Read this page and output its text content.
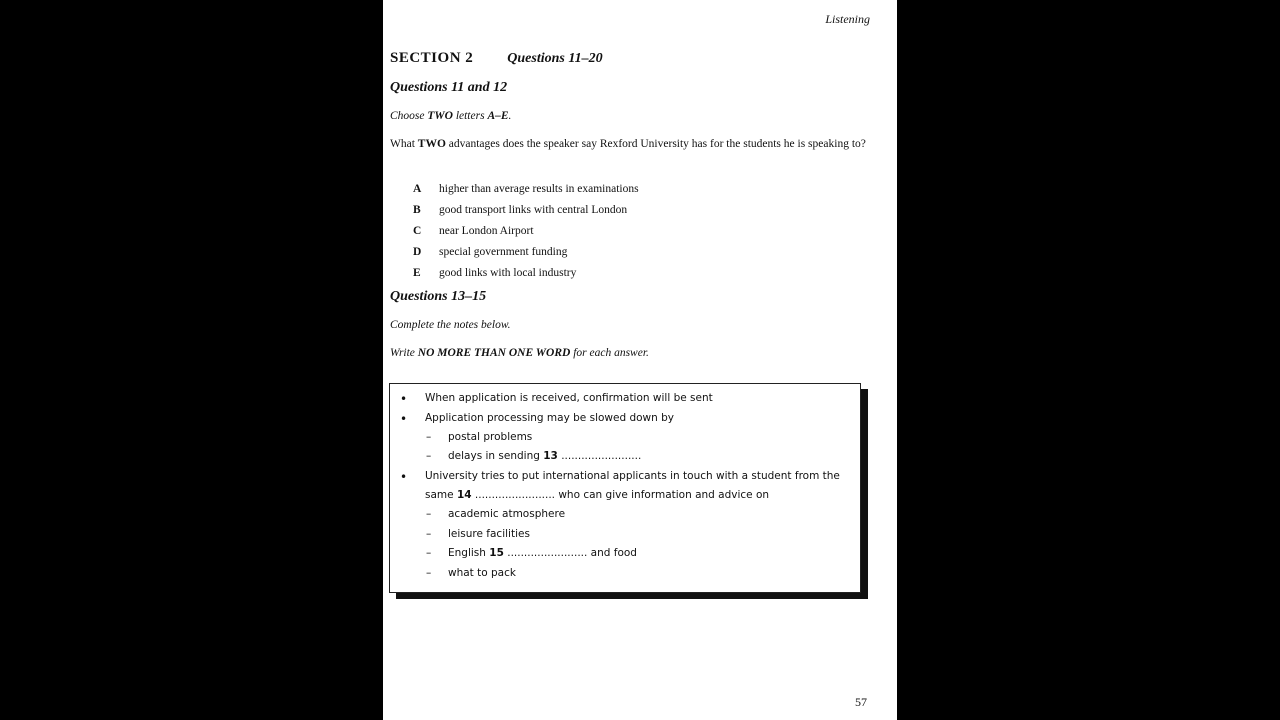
Listening
SECTION 2 Questions 11–20
Questions 11 and 12
Choose TWO letters A–E.
What TWO advantages does the speaker say Rexford University has for the students he is speaking to?
A	higher than average results in examinations
B	good transport links with central London
C	near London Airport
D	special government funding
E	good links with local industry
Questions 13–15
Complete the notes below.
Write NO MORE THAN ONE WORD for each answer.
• When application is received, confirmation will be sent
• Application processing may be slowed down by
– postal problems
– delays in sending 13 ........................
• University tries to put international applicants in touch with a student from the
same 14 ........................ who can give information and advice on
– academic atmosphere
– leisure facilities
– English 15 ........................ and food
– what to pack
57
